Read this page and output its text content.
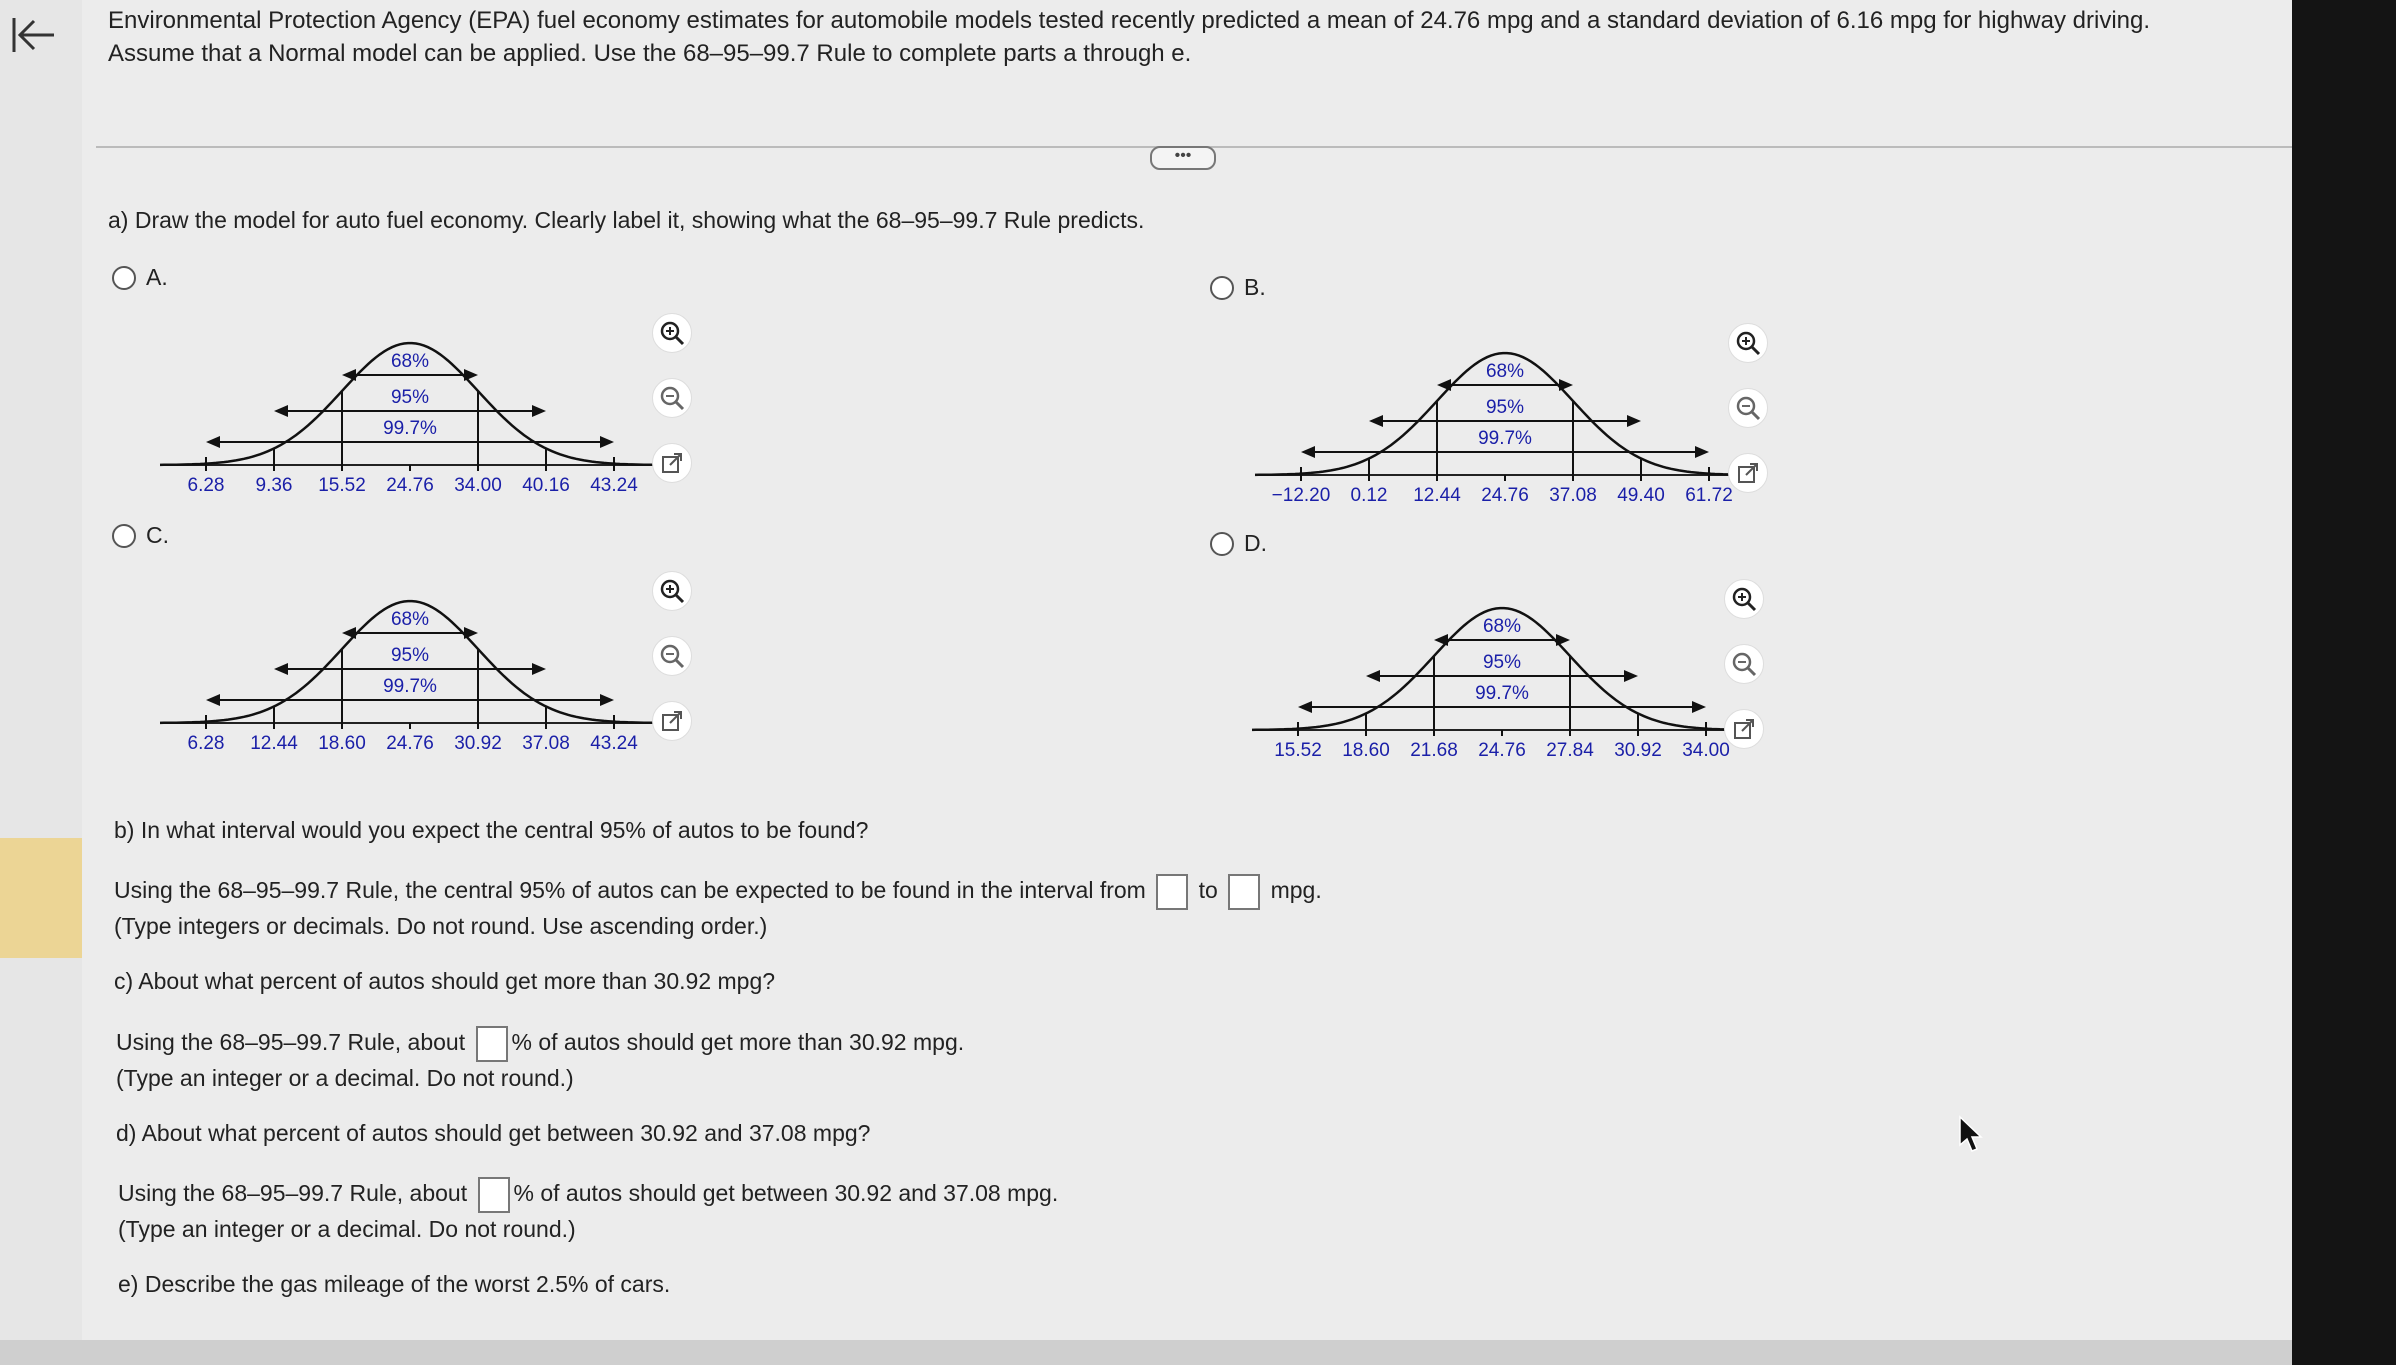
Environmental Protection Agency (EPA) fuel economy estimates for automobile models tested recently predicted a mean of 24.76 mpg and a standard deviation of 6.16 mpg for highway driving.
Assume that a Normal model can be applied. Use the 68–95–99.7 Rule to complete parts a through e.
•••
a) Draw the model for auto fuel economy. Clearly label it, showing what the 68–95–99.7 Rule predicts.
A.
68%
95%
99.7%
6.28 9.36 15.52 24.76 34.00 40.16 43.24
B.
68%
95%
99.7%
−12.20 0.12 12.44 24.76 37.08 49.40 61.72
C.
68%
95%
99.7%
6.28 12.44 18.60 24.76 30.92 37.08 43.24
D.
68%
95%
99.7%
15.52 18.60 21.68 24.76 27.84 30.92 34.00
b) In what interval would you expect the central 95% of autos to be found?
Using the 68–95–99.7 Rule, the central 95% of autos can be expected to be found in the interval from to mpg.
(Type integers or decimals. Do not round. Use ascending order.)
c) About what percent of autos should get more than 30.92 mpg?
Using the 68–95–99.7 Rule, about % of autos should get more than 30.92 mpg.
(Type an integer or a decimal. Do not round.)
d) About what percent of autos should get between 30.92 and 37.08 mpg?
Using the 68–95–99.7 Rule, about % of autos should get between 30.92 and 37.08 mpg.
(Type an integer or a decimal. Do not round.)
e) Describe the gas mileage of the worst 2.5% of cars.
